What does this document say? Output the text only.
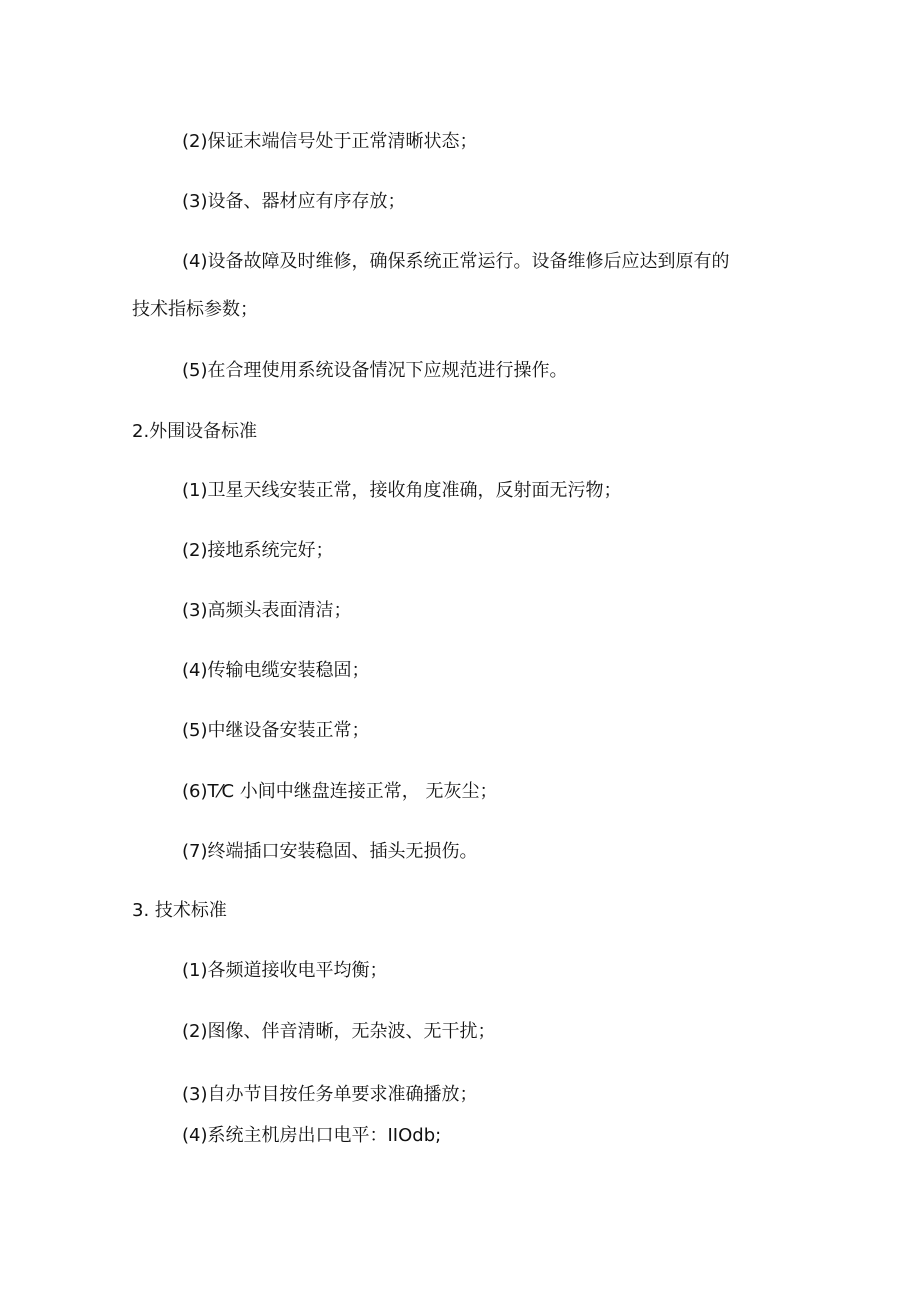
(2)保证末端信号处于正常清晰状态；
(3)设备、器材应有序存放；
(4)设备故障及时维修，确保系统正常运行。设备维修后应达到原有的
技术指标参数；
(5)在合理使用系统设备情况下应规范进行操作。
2.外围设备标准
(1)卫星天线安装正常，接收角度准确，反射面无污物；
(2)接地系统完好；
(3)高频头表面清洁；
(4)传输电缆安装稳固；
(5)中继设备安装正常；
(6)T⁄C 小间中继盘连接正常， 无灰尘；
(7)终端插口安装稳固、插头无损伤。
3. 技术标准
(1)各频道接收电平均衡；
(2)图像、伴音清晰，无杂波、无干扰；
(3)自办节目按任务单要求准确播放；
(4)系统主机房出口电平：IIOdb;
